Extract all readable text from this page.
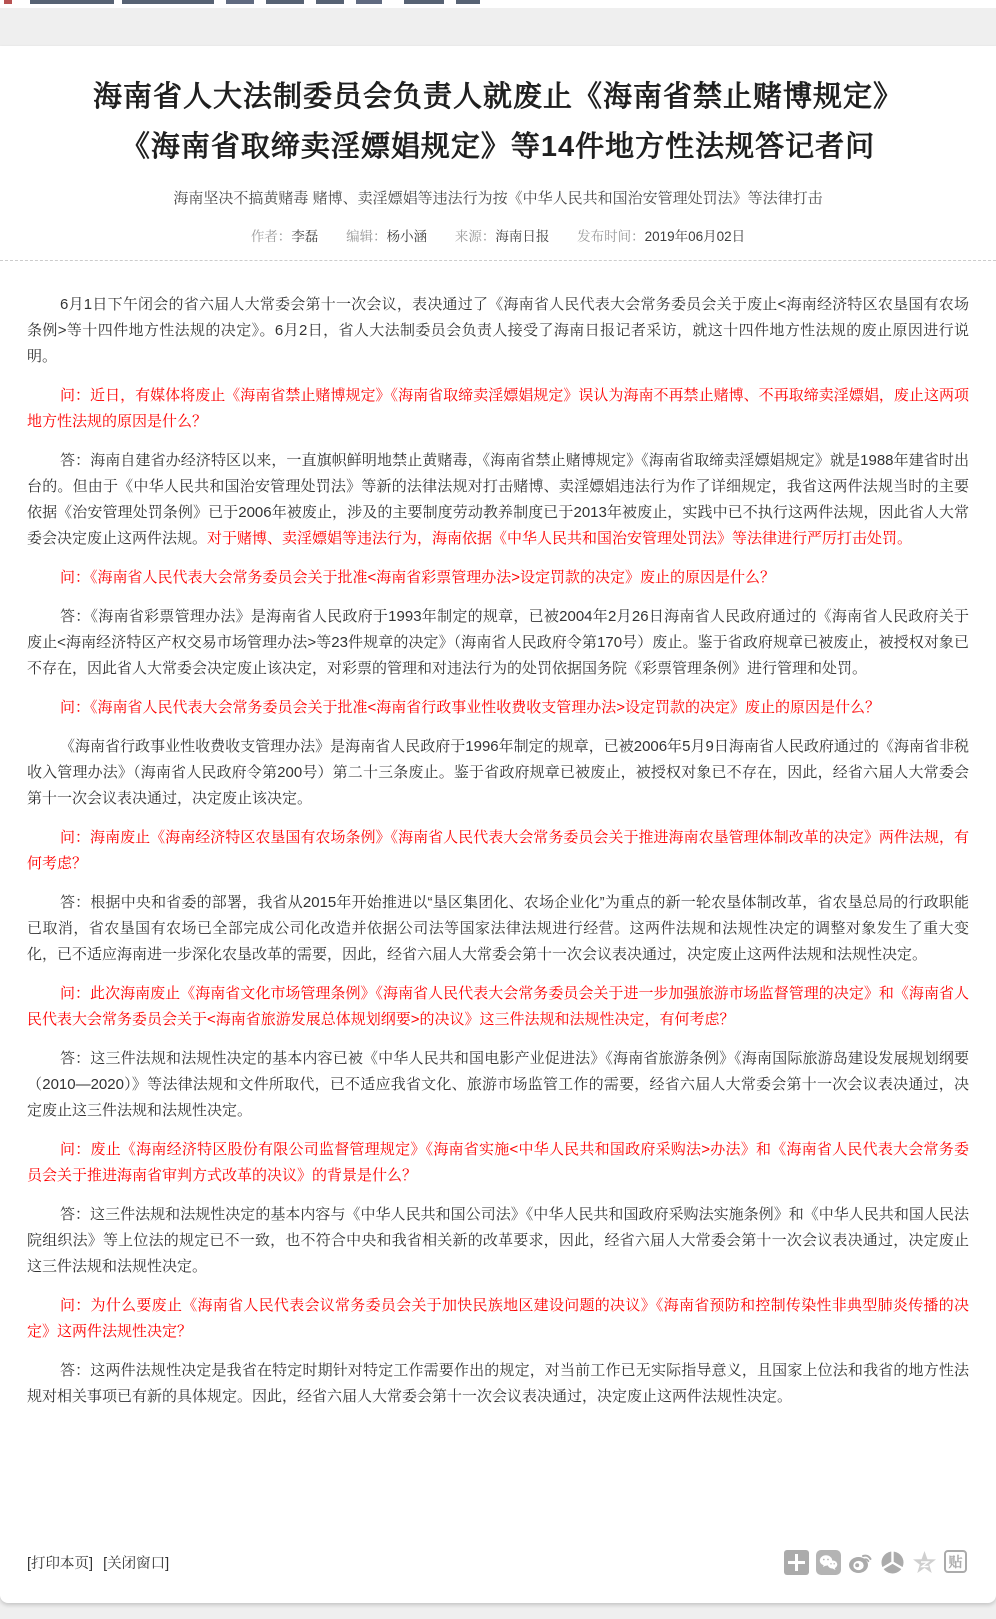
海南省人大法制委员会负责人就废止《海南省禁止赌博规定》
《海南省取缔卖淫嫖娼规定》等14件地方性法规答记者问
海南坚决不搞黄赌毒 赌博、卖淫嫖娼等违法行为按《中华人民共和国治安管理处罚法》等法律打击
作者：李磊 编辑：杨小涵 来源：海南日报 发布时间：2019年06月02日

6月1日下午闭会的省六届人大常委会第十一次会议，表决通过了《海南省人民代表大会常务委员会关于废止<海南经济特区农垦国有农场条例>等十四件地方性法规的决定》。6月2日，省人大法制委员会负责人接受了海南日报记者采访，就这十四件地方性法规的废止原因进行说明。

问：近日，有媒体将废止《海南省禁止赌博规定》《海南省取缔卖淫嫖娼规定》误认为海南不再禁止赌博、不再取缔卖淫嫖娼，废止这两项地方性法规的原因是什么？

答：海南自建省办经济特区以来，一直旗帜鲜明地禁止黄赌毒，《海南省禁止赌博规定》《海南省取缔卖淫嫖娼规定》就是1988年建省时出台的。但由于《中华人民共和国治安管理处罚法》等新的法律法规对打击赌博、卖淫嫖娼违法行为作了详细规定，我省这两件法规当时的主要依据《治安管理处罚条例》已于2006年被废止，涉及的主要制度劳动教养制度已于2013年被废止，实践中已不执行这两件法规，因此省人大常委会决定废止这两件法规。对于赌博、卖淫嫖娼等违法行为，海南依据《中华人民共和国治安管理处罚法》等法律进行严厉打击处罚。

问：《海南省人民代表大会常务委员会关于批准<海南省彩票管理办法>设定罚款的决定》废止的原因是什么？

答：《海南省彩票管理办法》是海南省人民政府于1993年制定的规章，已被2004年2月26日海南省人民政府通过的《海南省人民政府关于废止<海南经济特区产权交易市场管理办法>等23件规章的决定》（海南省人民政府令第170号）废止。鉴于省政府规章已被废止，被授权对象已不存在，因此省人大常委会决定废止该决定，对彩票的管理和对违法行为的处罚依据国务院《彩票管理条例》进行管理和处罚。

问：《海南省人民代表大会常务委员会关于批准<海南省行政事业性收费收支管理办法>设定罚款的决定》废止的原因是什么？

《海南省行政事业性收费收支管理办法》是海南省人民政府于1996年制定的规章，已被2006年5月9日海南省人民政府通过的《海南省非税收入管理办法》（海南省人民政府令第200号）第二十三条废止。鉴于省政府规章已被废止，被授权对象已不存在，因此，经省六届人大常委会第十一次会议表决通过，决定废止该决定。

问：海南废止《海南经济特区农垦国有农场条例》《海南省人民代表大会常务委员会关于推进海南农垦管理体制改革的决定》两件法规，有何考虑？

答：根据中央和省委的部署，我省从2015年开始推进以“垦区集团化、农场企业化”为重点的新一轮农垦体制改革，省农垦总局的行政职能已取消，省农垦国有农场已全部完成公司化改造并依据公司法等国家法律法规进行经营。这两件法规和法规性决定的调整对象发生了重大变化，已不适应海南进一步深化农垦改革的需要，因此，经省六届人大常委会第十一次会议表决通过，决定废止这两件法规和法规性决定。

问：此次海南废止《海南省文化市场管理条例》《海南省人民代表大会常务委员会关于进一步加强旅游市场监督管理的决定》和《海南省人民代表大会常务委员会关于<海南省旅游发展总体规划纲要>的决议》这三件法规和法规性决定，有何考虑？

答：这三件法规和法规性决定的基本内容已被《中华人民共和国电影产业促进法》《海南省旅游条例》《海南国际旅游岛建设发展规划纲要（2010—2020）》等法律法规和文件所取代，已不适应我省文化、旅游市场监管工作的需要，经省六届人大常委会第十一次会议表决通过，决定废止这三件法规和法规性决定。

问：废止《海南经济特区股份有限公司监督管理规定》《海南省实施<中华人民共和国政府采购法>办法》和《海南省人民代表大会常务委员会关于推进海南省审判方式改革的决议》的背景是什么？

答：这三件法规和法规性决定的基本内容与《中华人民共和国公司法》《中华人民共和国政府采购法实施条例》和《中华人民共和国人民法院组织法》等上位法的规定已不一致，也不符合中央和我省相关新的改革要求，因此，经省六届人大常委会第十一次会议表决通过，决定废止这三件法规和法规性决定。

问：为什么要废止《海南省人民代表会议常务委员会关于加快民族地区建设问题的决议》《海南省预防和控制传染性非典型肺炎传播的决定》这两件法规性决定？

答：这两件法规性决定是我省在特定时期针对特定工作需要作出的规定，对当前工作已无实际指导意义，且国家上位法和我省的地方性法规对相关事项已有新的具体规定。因此，经省六届人大常委会第十一次会议表决通过，决定废止这两件法规性决定。

[打印本页] [关闭窗口]	贴
